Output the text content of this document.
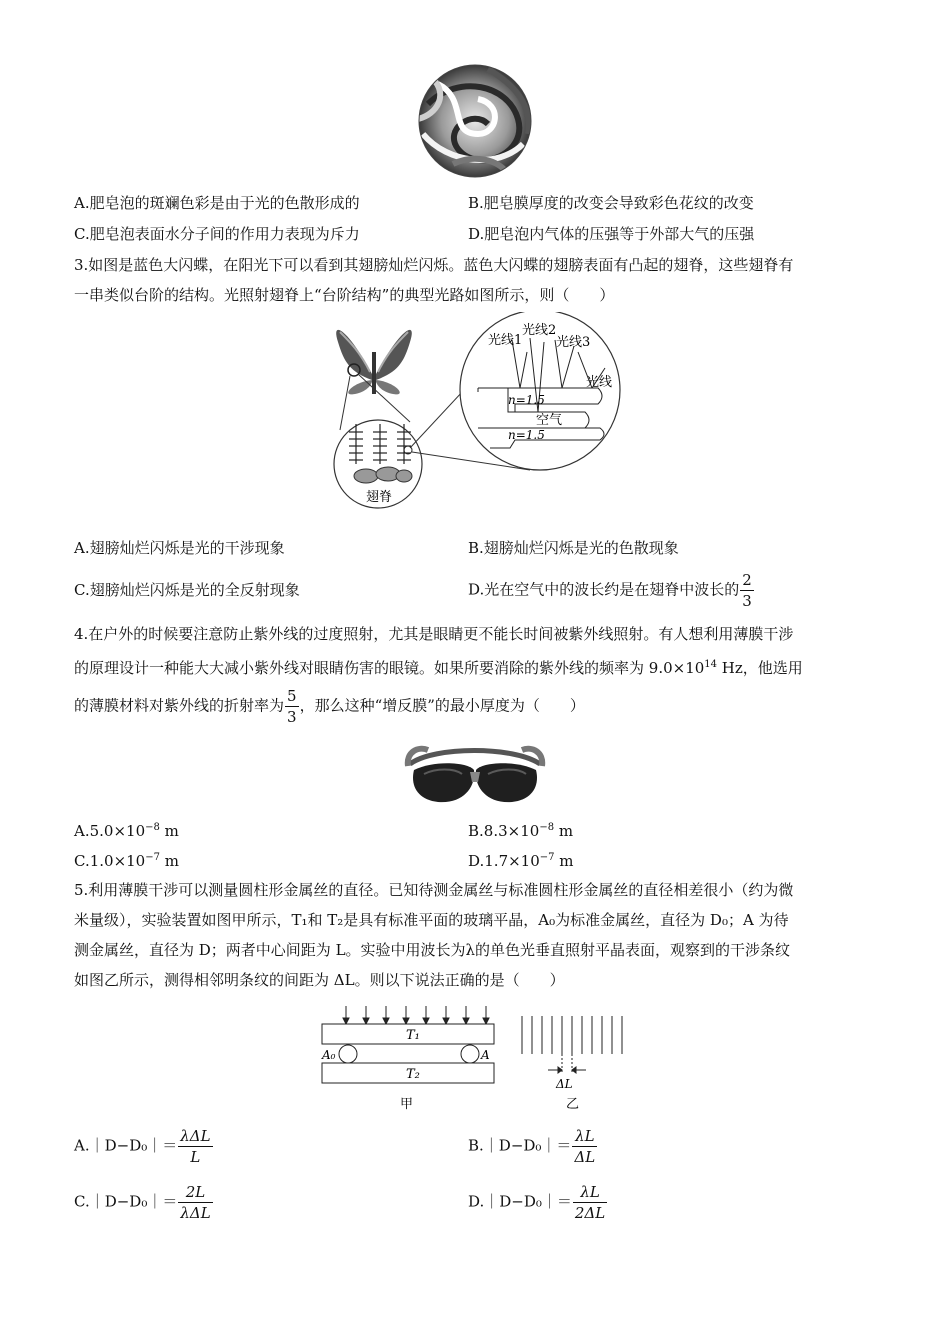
A.肥皂泡的斑斓色彩是由于光的色散形成的	B.肥皂膜厚度的改变会导致彩色花纹的改变
C.肥皂泡表面水分子间的作用力表现为斥力	D.肥皂泡内气体的压强等于外部大气的压强
3.如图是蓝色大闪蝶，在阳光下可以看到其翅膀灿烂闪烁。蓝色大闪蝶的翅膀表面有凸起的翅脊，这些翅脊有
一串类似台阶的结构。光照射翅脊上“台阶结构”的典型光路如图所示，则（　　）
翅脊
光线1
光线2
光线3
光线
n=1.5
空气
n=1.5
A.翅膀灿烂闪烁是光的干涉现象	B.翅膀灿烂闪烁是光的色散现象
C.翅膀灿烂闪烁是光的全反射现象	D.光在空气中的波长约是在翅脊中波长的 $\frac{2}{3}$
4.在户外的时候要注意防止紫外线的过度照射，尤其是眼睛更不能长时间被紫外线照射。有人想利用薄膜干涉
的原理设计一种能大大减小紫外线对眼睛伤害的眼镜。如果所要消除的紫外线的频率为 $9.0\times 10^{14}$ Hz，他选用
的薄膜材料对紫外线的折射率为 $\frac{5}{3}$ ，那么这种“增反膜”的最小厚度为（　　）
$A.5.0\times 10^{-8}$ m	$B.8.3\times 10^{-8}$ m
$C.1.0\times 10^{-7}$ m	$D.1.7\times 10^{-7}$ m
5.利用薄膜干涉可以测量圆柱形金属丝的直径。已知待测金属丝与标准圆柱形金属丝的直径相差很小（约为微
米量级），实验装置如图甲所示，T₁和 T₂是具有标准平面的玻璃平晶，A₀为标准金属丝，直径为 D₀；A 为待
测金属丝，直径为 D；两者中心间距为 L。实验中用波长为λ的单色光垂直照射平晶表面，观察到的干涉条纹
如图乙所示，测得相邻明条纹的间距为 ΔL。则以下说法正确的是（　　）
T₁
T₂
A₀	A
甲
ΔL
乙
A.｜D−D₀｜＝ $\frac{\text{λΔL}}{L}$	B.｜D−D₀｜＝ $\frac{\lambda L}{\Delta L}$
C.｜D−D₀｜＝ $\frac{2L}{\text{λΔL}}$	D.｜D−D₀｜＝ $\frac{\lambda L}{2\Delta L}$
